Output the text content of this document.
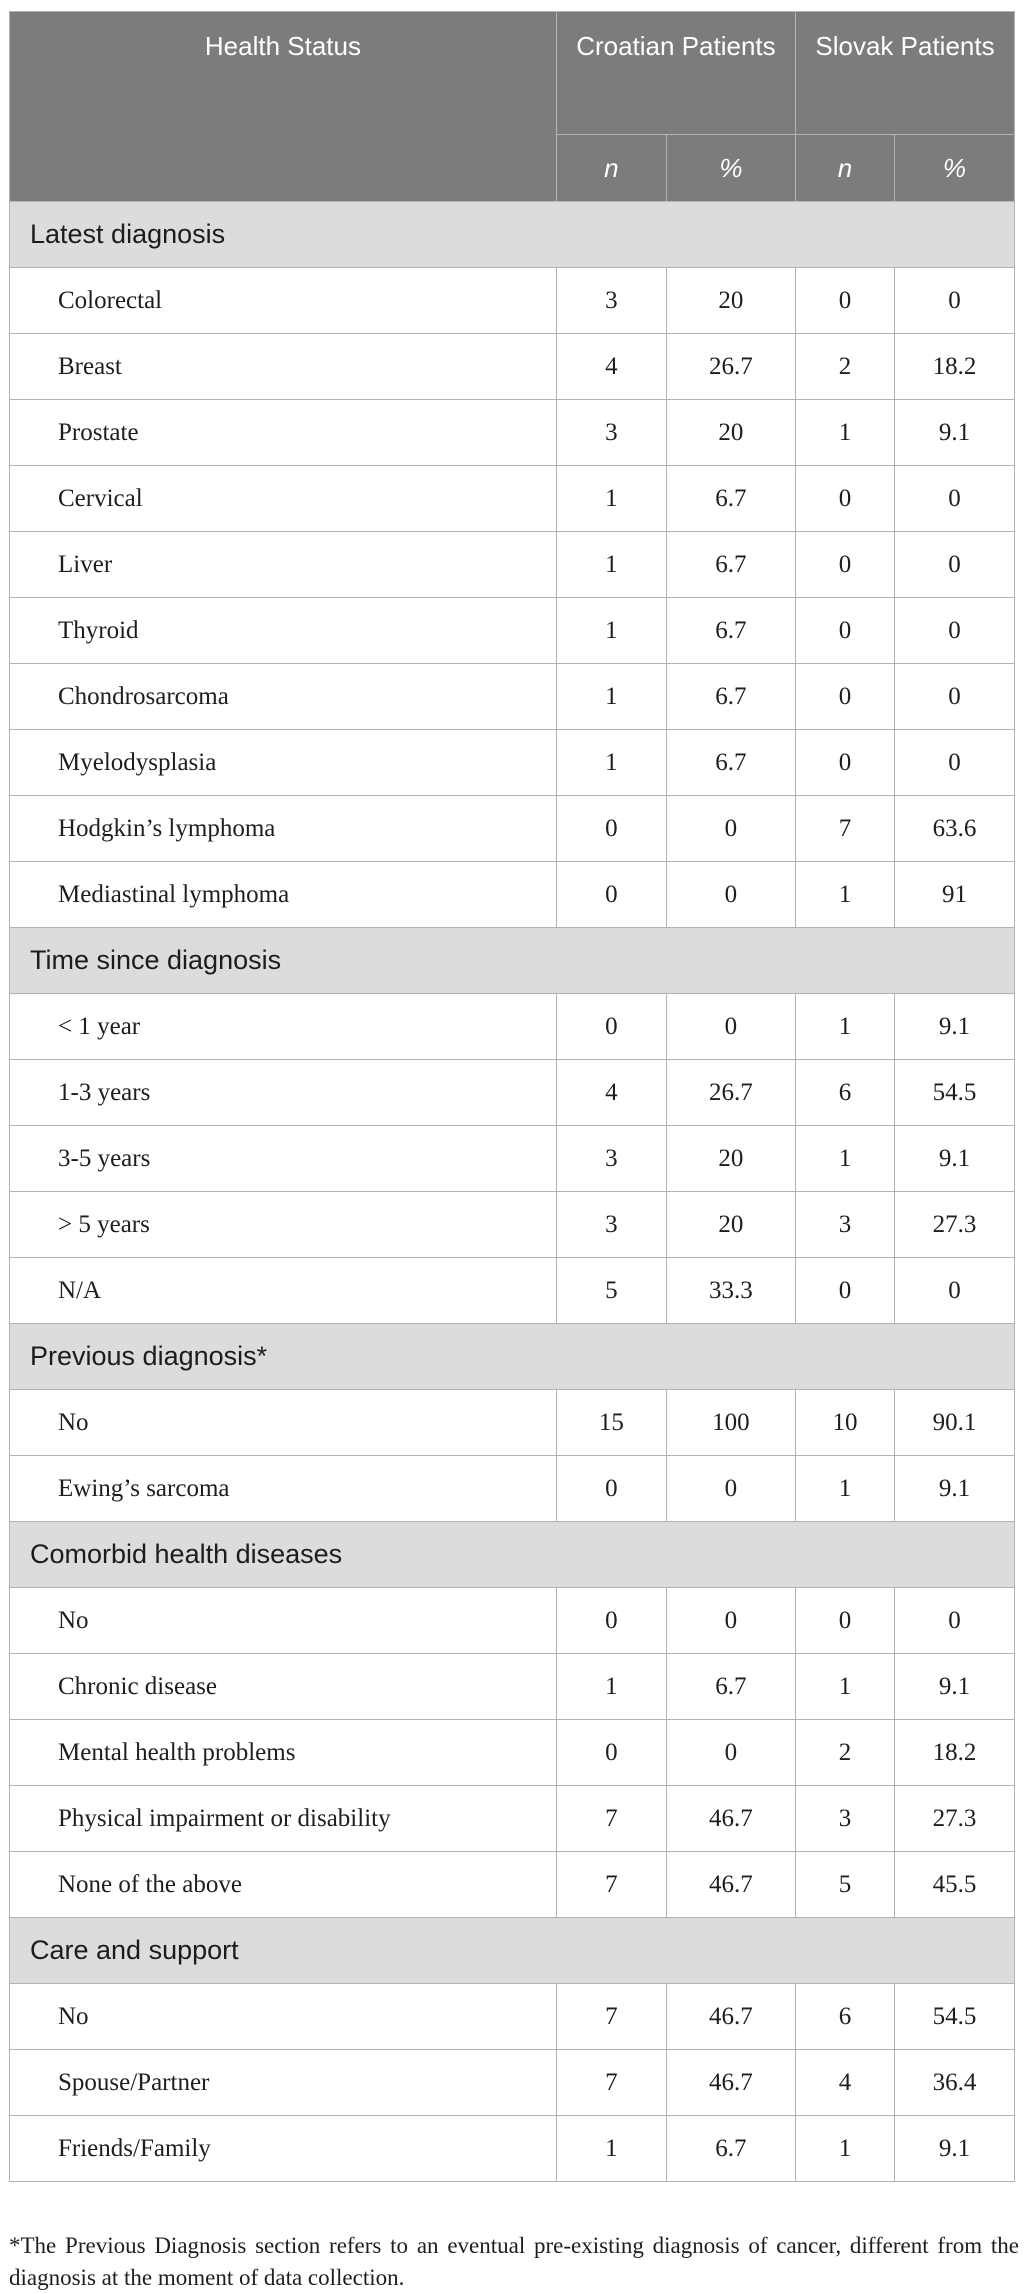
Health Status	Croatian Patients		Slovak Patients	
	n	%	n	%
Latest diagnosis				
Colorectal	3	20	0	0
Breast	4	26.7	2	18.2
Prostate	3	20	1	9.1
Cervical	1	6.7	0	0
Liver	1	6.7	0	0
Thyroid	1	6.7	0	0
Chondrosarcoma	1	6.7	0	0
Myelodysplasia	1	6.7	0	0
Hodgkin’s lymphoma	0	0	7	63.6
Mediastinal lymphoma	0	0	1	91
Time since diagnosis				
< 1 year	0	0	1	9.1
1-3 years	4	26.7	6	54.5
3-5 years	3	20	1	9.1
> 5 years	3	20	3	27.3
N/A	5	33.3	0	0
Previous diagnosis*				
No	15	100	10	90.1
Ewing’s sarcoma	0	0	1	9.1
Comorbid health diseases				
No	0	0	0	0
Chronic disease	1	6.7	1	9.1
Mental health problems	0	0	2	18.2
Physical impairment or disability	7	46.7	3	27.3
None of the above	7	46.7	5	45.5
Care and support				
No	7	46.7	6	54.5
Spouse/Partner	7	46.7	4	36.4
Friends/Family	1	6.7	1	9.1
*The Previous Diagnosis section refers to an eventual pre-existing diagnosis of cancer, different from the diagnosis at the moment of data collection.
